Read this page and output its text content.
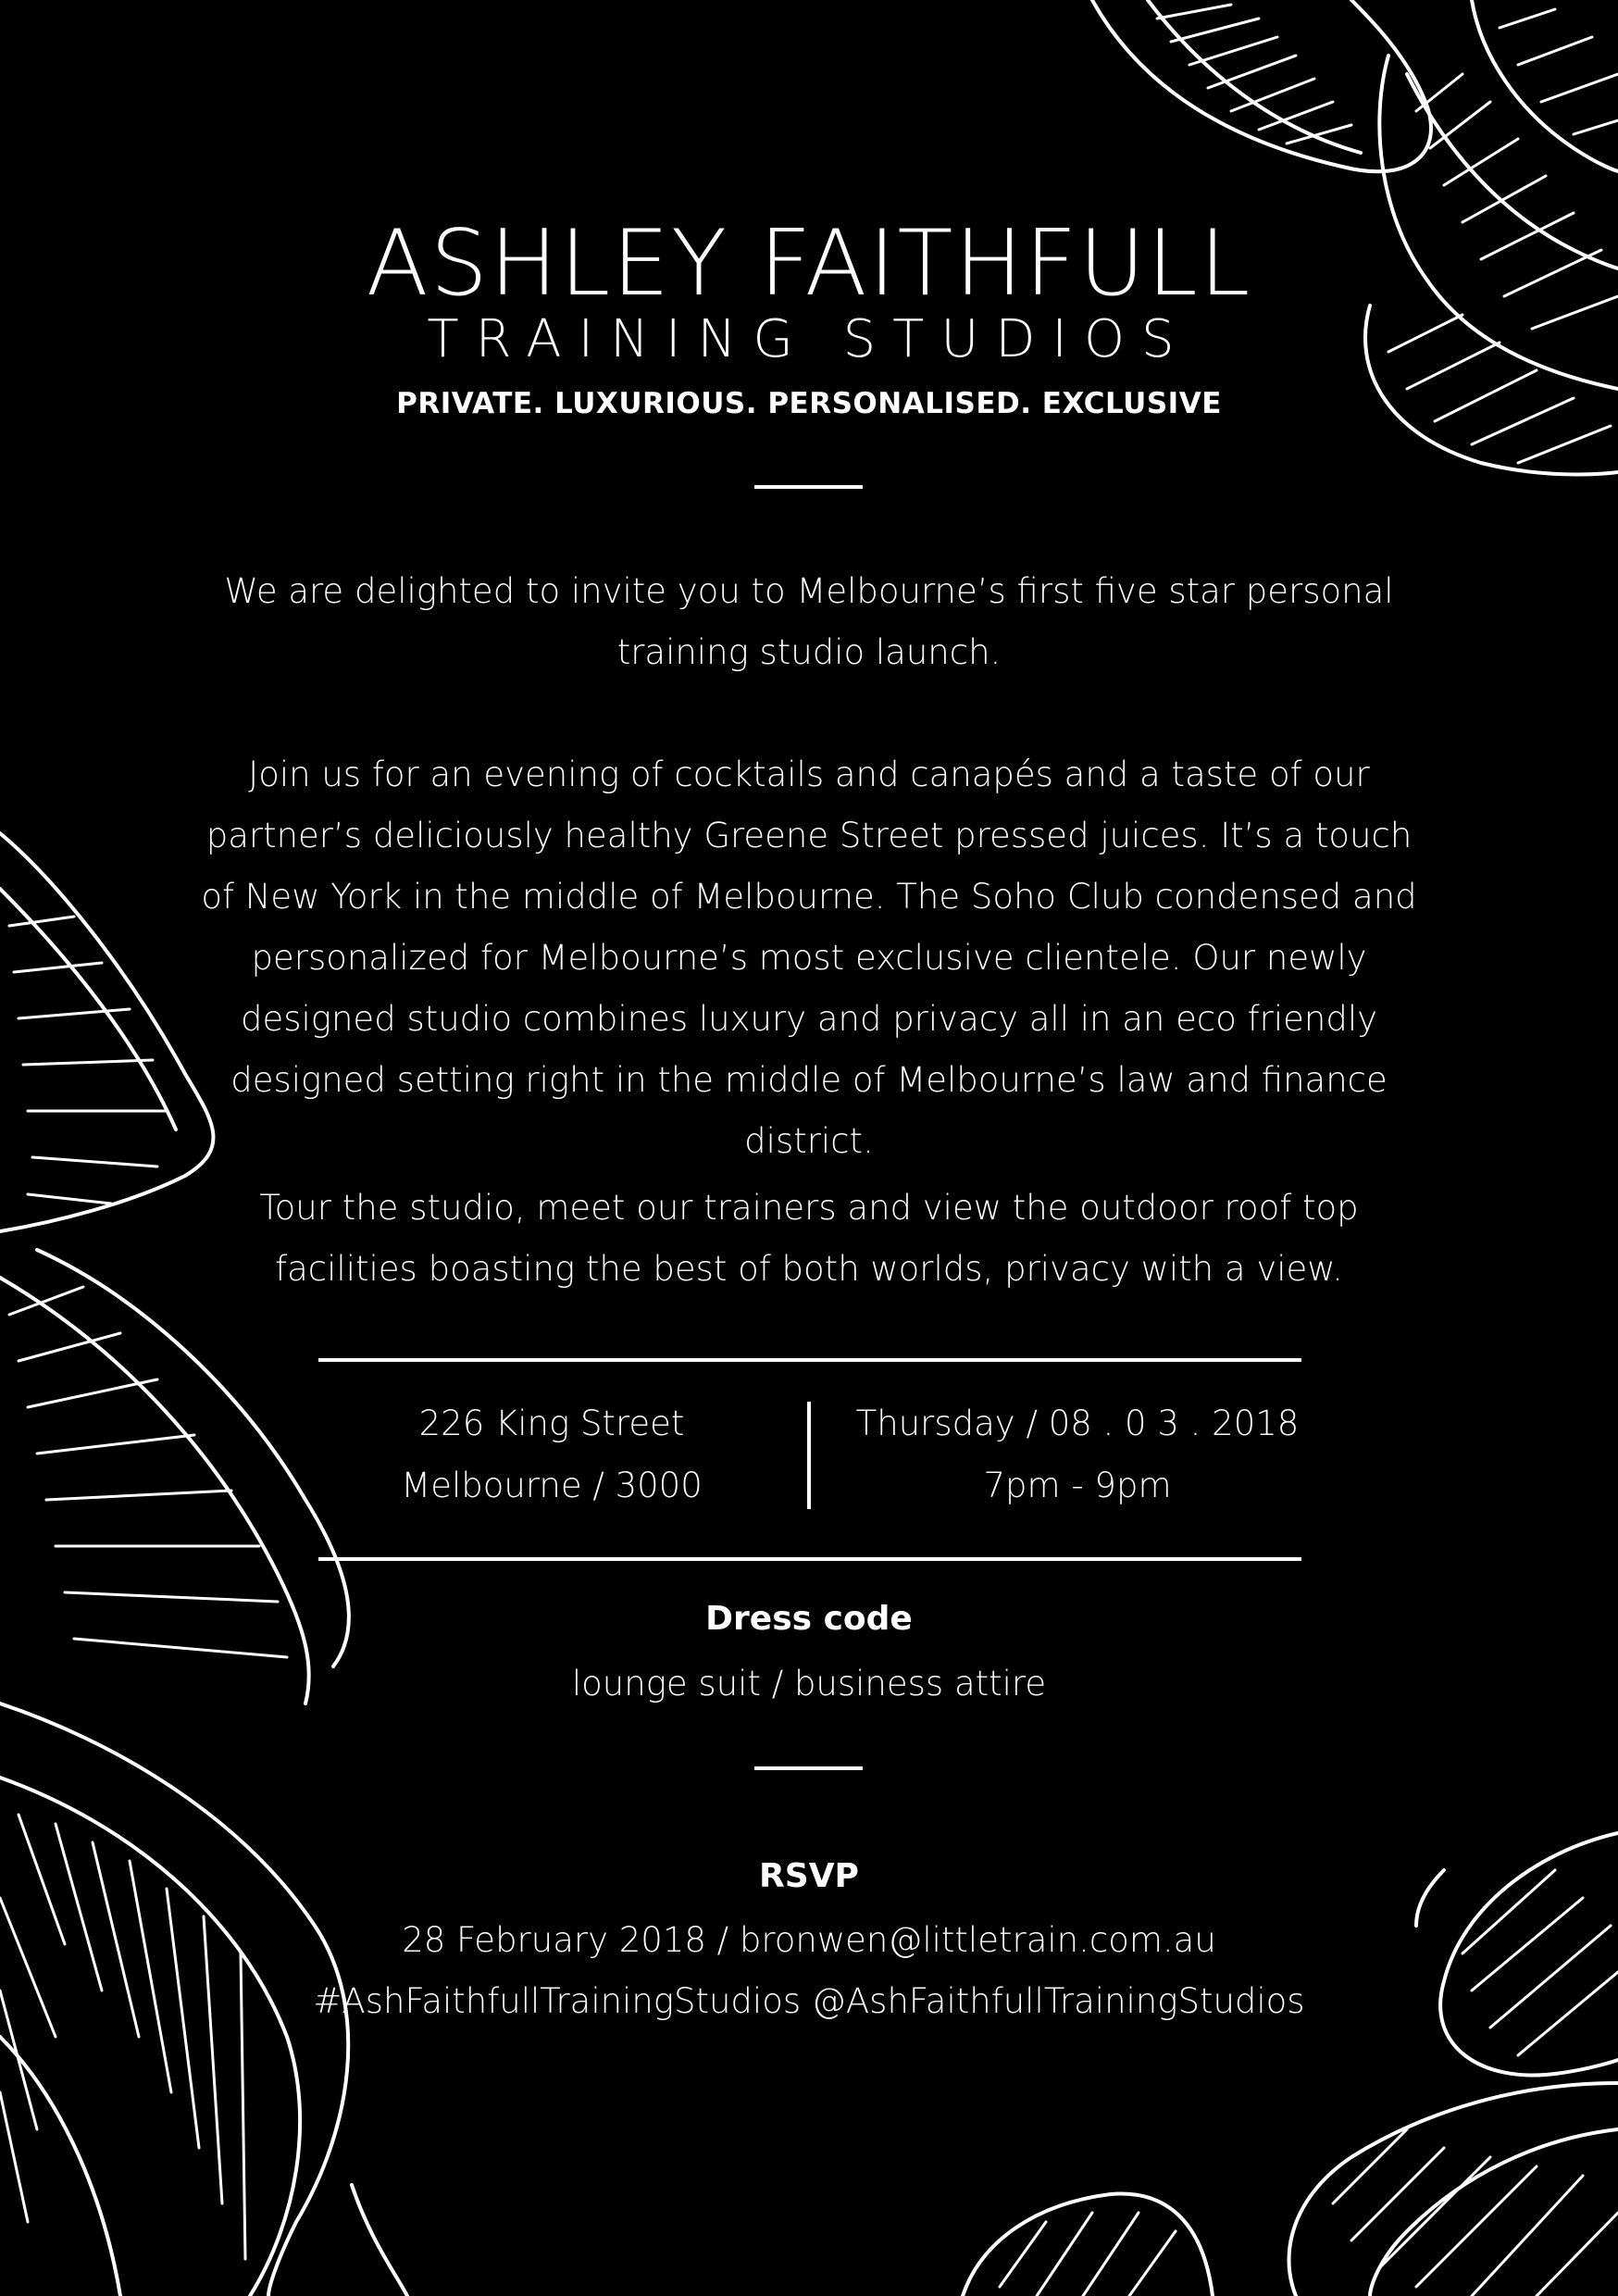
ASHLEY FAITHFULL
TRAINING STUDIOS
PRIVATE. LUXURIOUS. PERSONALISED. EXCLUSIVE
We are delighted to invite you to Melbourne’s first five star personal training studio launch.
Join us for an evening of cocktails and canapés and a taste of our partner’s deliciously healthy Greene Street pressed juices. It’s a touch of New York in the middle of Melbourne. The Soho Club condensed and personalized for Melbourne’s most exclusive clientele. Our newly designed studio combines luxury and privacy all in an eco friendly designed setting right in the middle of Melbourne’s law and finance district.
Tour the studio, meet our trainers and view the outdoor roof top facilities boasting the best of both worlds, privacy with a view.
226 King Street
Melbourne / 3000
Thursday / 08 . 0 3 . 2018
7pm - 9pm
Dress code
lounge suit / business attire
RSVP
28 February 2018 / bronwen@littletrain.com.au
#AshFaithfullTrainingStudios @AshFaithfullTrainingStudios
